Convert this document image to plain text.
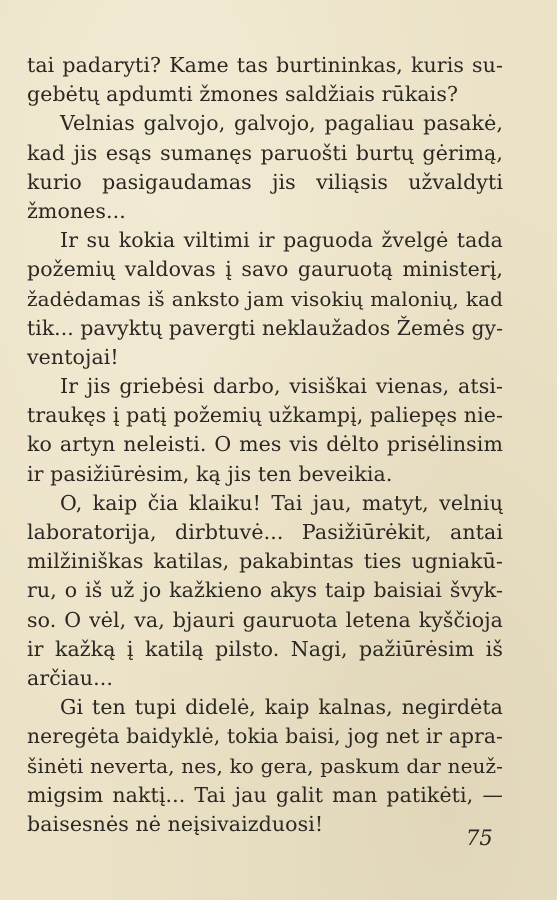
tai padaryti? Kame tas burtininkas, kuris su-
gebėtų apdumti žmones saldžiais rūkais?
Velnias galvojo, galvojo, pagaliau pasakė,
kad jis esąs sumanęs paruošti burtų gėrimą,
kurio pasigaudamas jis viliąsis užvaldyti
žmones...
Ir su kokia viltimi ir paguoda žvelgė tada
požemių valdovas į savo gauruotą ministerį,
žadėdamas iš anksto jam visokių malonių, kad
tik... pavyktų pavergti neklaužados Žemės gy-
ventojai!
Ir jis griebėsi darbo, visiškai vienas, atsi-
traukęs į patį požemių užkampį, paliepęs nie-
ko artyn neleisti. O mes vis dėlto prisėlinsim
ir pasižiūrėsim, ką jis ten beveikia.
O, kaip čia klaiku! Tai jau, matyt, velnių
laboratorija, dirbtuvė... Pasižiūrėkit, antai
milžiniškas katilas, pakabintas ties ugniakū-
ru, o iš už jo kažkieno akys taip baisiai švyk-
so. O vėl, va, bjauri gauruota letena kyščioja
ir kažką į katilą pilsto. Nagi, pažiūrėsim iš
arčiau...
Gi ten tupi didelė, kaip kalnas, negirdėta
neregėta baidyklė, tokia baisi, jog net ir apra-
šinėti neverta, nes, ko gera, paskum dar neuž-
migsim naktį... Tai jau galit man patikėti, —
baisesnės nė neįsivaizduosi!
75
